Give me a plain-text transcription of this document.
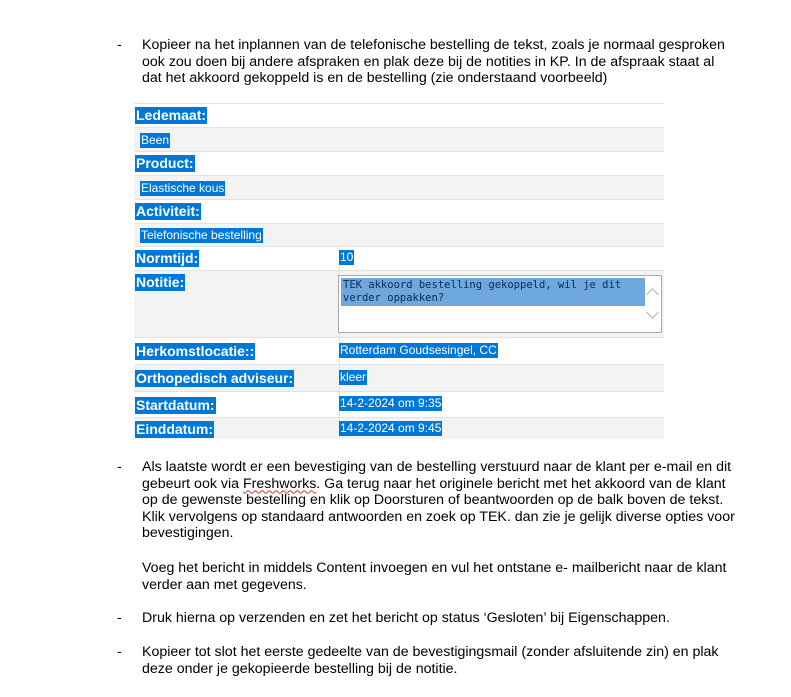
- Kopieer na het inplannen van de telefonische bestelling de tekst, zoals je normaal gesproken
ook zou doen bij andere afspraken en plak deze bij de notities in KP. In de afspraak staat al
dat het akkoord gekoppeld is en de bestelling (zie onderstaand voorbeeld)
Ledemaat:
Been
Product:
Elastische kous
Activiteit:
Telefonische bestelling
Normtijd:	10
Notitie:	TEK akkoord bestelling gekoppeld, wil je dit verder oppakken?
Herkomstlocatie::	Rotterdam Goudsesingel, CC
Orthopedisch adviseur:	kleer
Startdatum:	14-2-2024 om 9:35
Einddatum:	14-2-2024 om 9:45
- Als laatste wordt er een bevestiging van de bestelling verstuurd naar de klant per e-mail en dit
gebeurt ook via Freshworks. Ga terug naar het originele bericht met het akkoord van de klant
op de gewenste bestelling en klik op Doorsturen of beantwoorden op de balk boven de tekst.
Klik vervolgens op standaard antwoorden en zoek op TEK. dan zie je gelijk diverse opties voor
bevestigingen.
Voeg het bericht in middels Content invoegen en vul het ontstane e- mailbericht naar de klant
verder aan met gegevens.
- Druk hierna op verzenden en zet het bericht op status ‘Gesloten’ bij Eigenschappen.
- Kopieer tot slot het eerste gedeelte van de bevestigingsmail (zonder afsluitende zin) en plak
deze onder je gekopieerde bestelling bij de notitie.
